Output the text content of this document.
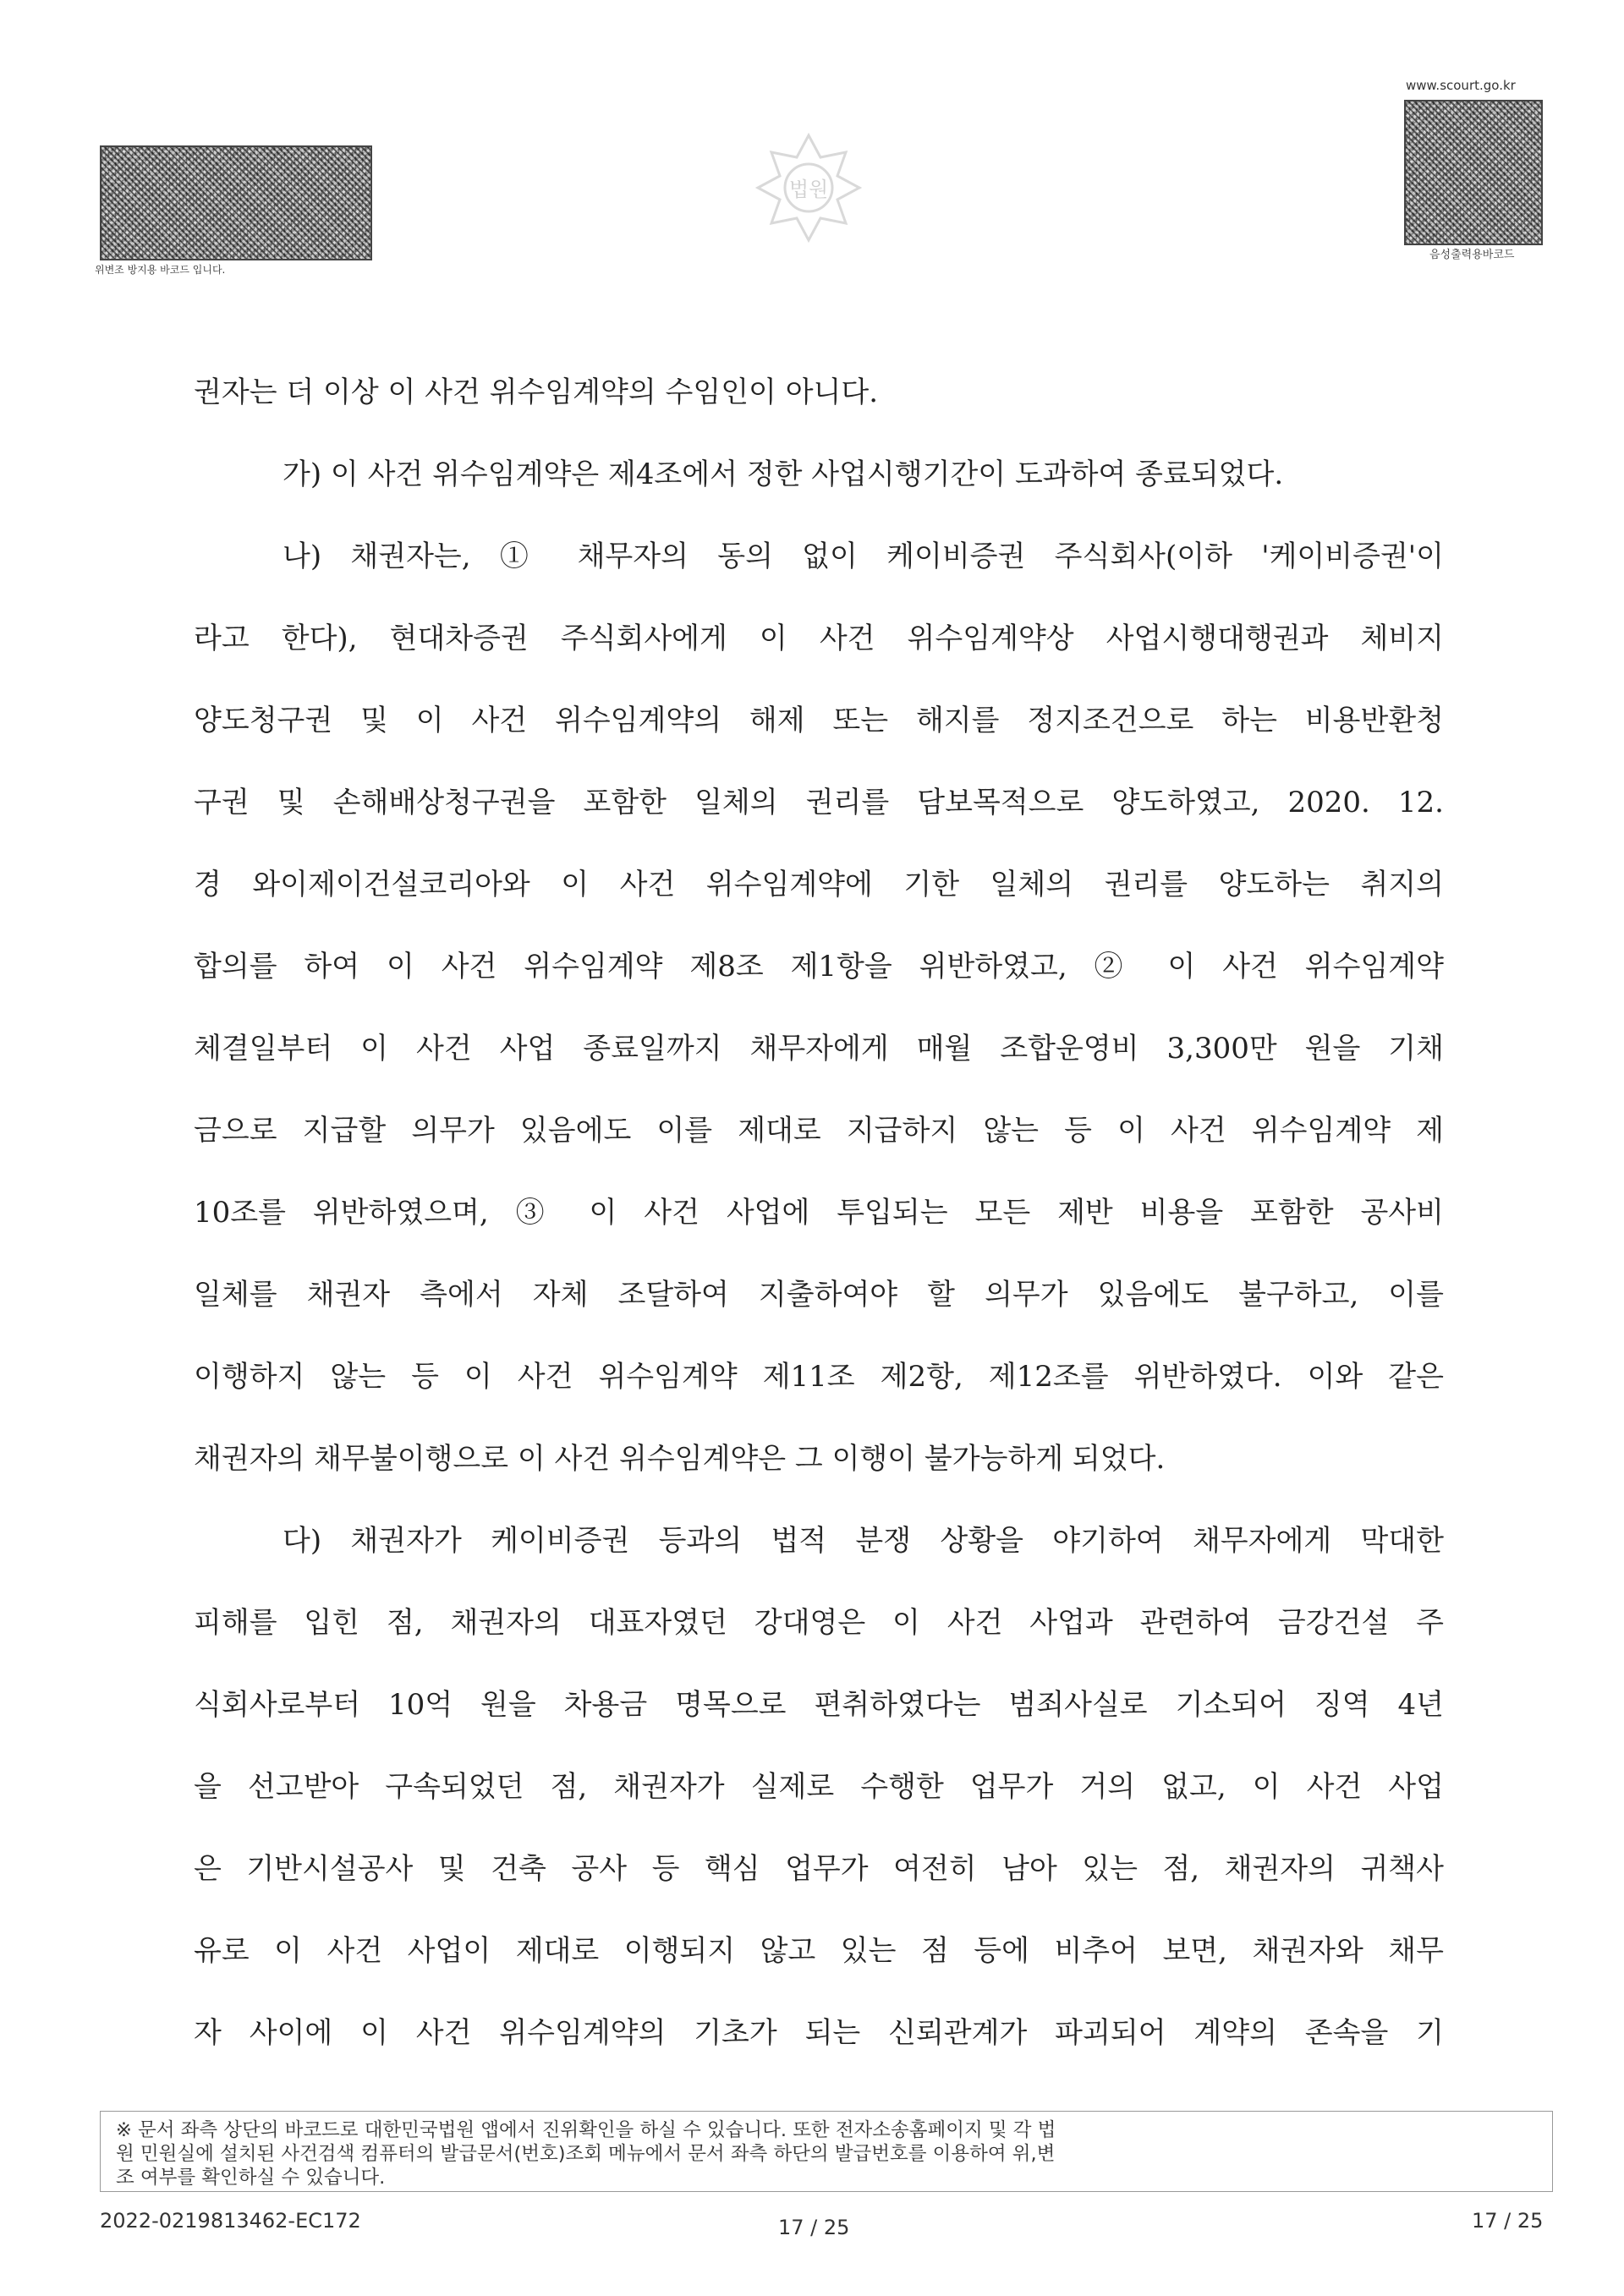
위변조 방지용 바코드 입니다.
법원
www.scourt.go.kr
음성출력용바코드
권자는 더 이상 이 사건 위수임계약의 수임인이 아니다.
가) 이 사건 위수임계약은 제4조에서 정한 사업시행기간이 도과하여 종료되었다.
나) 채권자는, ① 채무자의 동의 없이 케이비증권 주식회사(이하 '케이비증권'이
라고 한다), 현대차증권 주식회사에게 이 사건 위수임계약상 사업시행대행권과 체비지
양도청구권 및 이 사건 위수임계약의 해제 또는 해지를 정지조건으로 하는 비용반환청
구권 및 손해배상청구권을 포함한 일체의 권리를 담보목적으로 양도하였고, 2020. 12.
경 와이제이건설코리아와 이 사건 위수임계약에 기한 일체의 권리를 양도하는 취지의
합의를 하여 이 사건 위수임계약 제8조 제1항을 위반하였고, ② 이 사건 위수임계약
체결일부터 이 사건 사업 종료일까지 채무자에게 매월 조합운영비 3,300만 원을 기채
금으로 지급할 의무가 있음에도 이를 제대로 지급하지 않는 등 이 사건 위수임계약 제
10조를 위반하였으며, ③ 이 사건 사업에 투입되는 모든 제반 비용을 포함한 공사비
일체를 채권자 측에서 자체 조달하여 지출하여야 할 의무가 있음에도 불구하고, 이를
이행하지 않는 등 이 사건 위수임계약 제11조 제2항, 제12조를 위반하였다. 이와 같은
채권자의 채무불이행으로 이 사건 위수임계약은 그 이행이 불가능하게 되었다.
다) 채권자가 케이비증권 등과의 법적 분쟁 상황을 야기하여 채무자에게 막대한
피해를 입힌 점, 채권자의 대표자였던 강대영은 이 사건 사업과 관련하여 금강건설 주
식회사로부터 10억 원을 차용금 명목으로 편취하였다는 범죄사실로 기소되어 징역 4년
을 선고받아 구속되었던 점, 채권자가 실제로 수행한 업무가 거의 없고, 이 사건 사업
은 기반시설공사 및 건축 공사 등 핵심 업무가 여전히 남아 있는 점, 채권자의 귀책사
유로 이 사건 사업이 제대로 이행되지 않고 있는 점 등에 비추어 보면, 채권자와 채무
자 사이에 이 사건 위수임계약의 기초가 되는 신뢰관계가 파괴되어 계약의 존속을 기
※ 문서 좌측 상단의 바코드로 대한민국법원 앱에서 진위확인을 하실 수 있습니다. 또한 전자소송홈페이지 및 각 법
원 민원실에 설치된 사건검색 컴퓨터의 발급문서(번호)조회 메뉴에서 문서 좌측 하단의 발급번호를 이용하여 위,변
조 여부를 확인하실 수 있습니다.
2022-0219813462-EC172	17 / 25	17 / 25
